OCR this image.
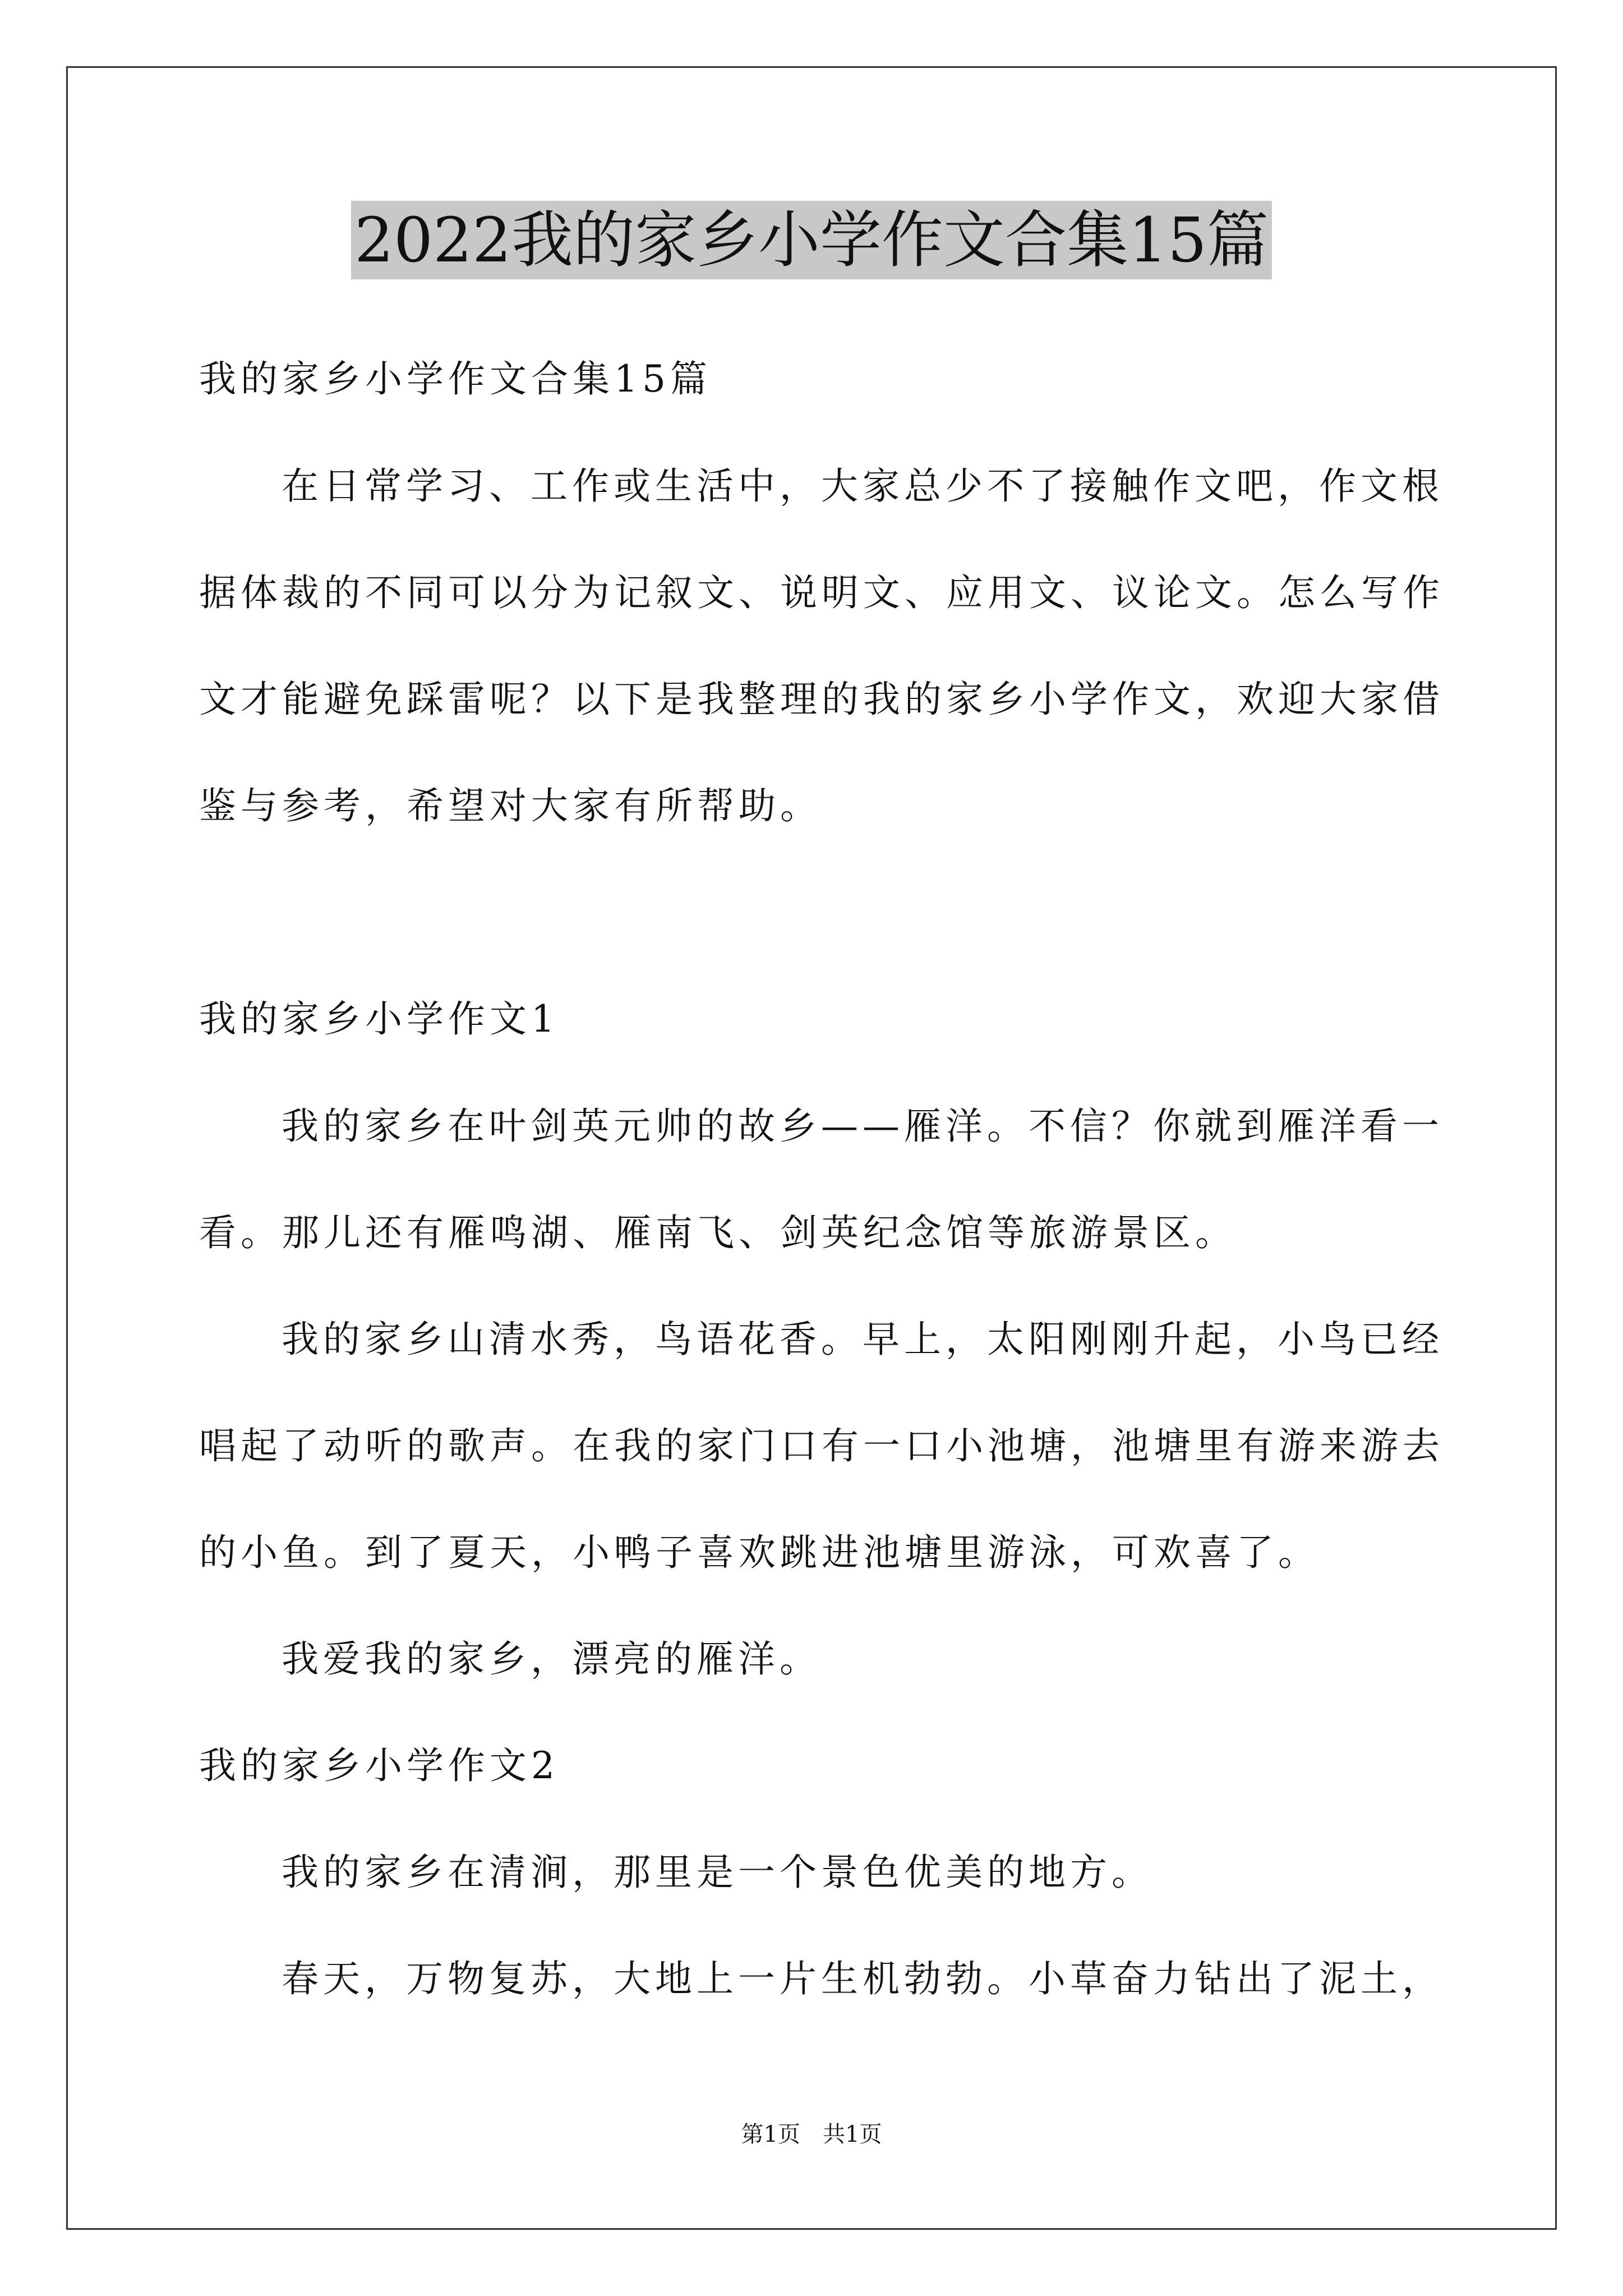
2022我的家乡小学作文合集15篇
我的家乡小学作文合集15篇
在日常学习、工作或生活中，大家总少不了接触作文吧，作文根
据体裁的不同可以分为记叙文、说明文、应用文、议论文。怎么写作
文才能避免踩雷呢？以下是我整理的我的家乡小学作文，欢迎大家借
鉴与参考，希望对大家有所帮助。
我的家乡小学作文1
我的家乡在叶剑英元帅的故乡——雁洋。不信？你就到雁洋看一
看。那儿还有雁鸣湖、雁南飞、剑英纪念馆等旅游景区。
我的家乡山清水秀，鸟语花香。早上，太阳刚刚升起，小鸟已经
唱起了动听的歌声。在我的家门口有一口小池塘，池塘里有游来游去
的小鱼。到了夏天，小鸭子喜欢跳进池塘里游泳，可欢喜了。
我爱我的家乡，漂亮的雁洋。
我的家乡小学作文2
我的家乡在清涧，那里是一个景色优美的地方。
春天，万物复苏，大地上一片生机勃勃。小草奋力钻出了泥土，
第1页　共1页
